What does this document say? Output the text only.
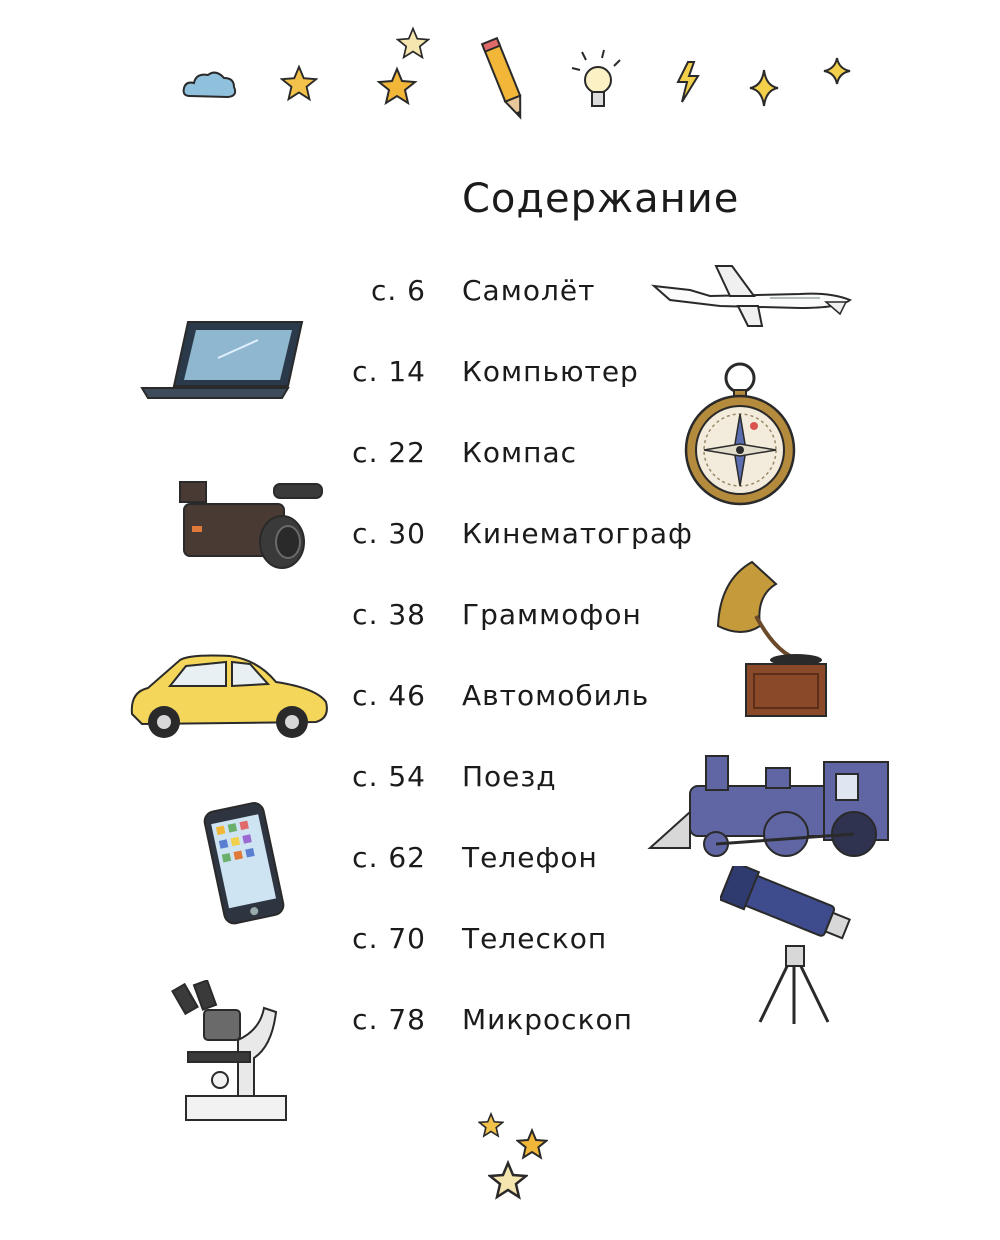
Содержание
с. 6 Самолёт
с. 14 Компьютер
с. 22 Компас
с. 30 Кинематограф
с. 38 Граммофон
с. 46 Автомобиль
с. 54 Поезд
с. 62 Телефон
с. 70 Телескоп
с. 78 Микроскоп
